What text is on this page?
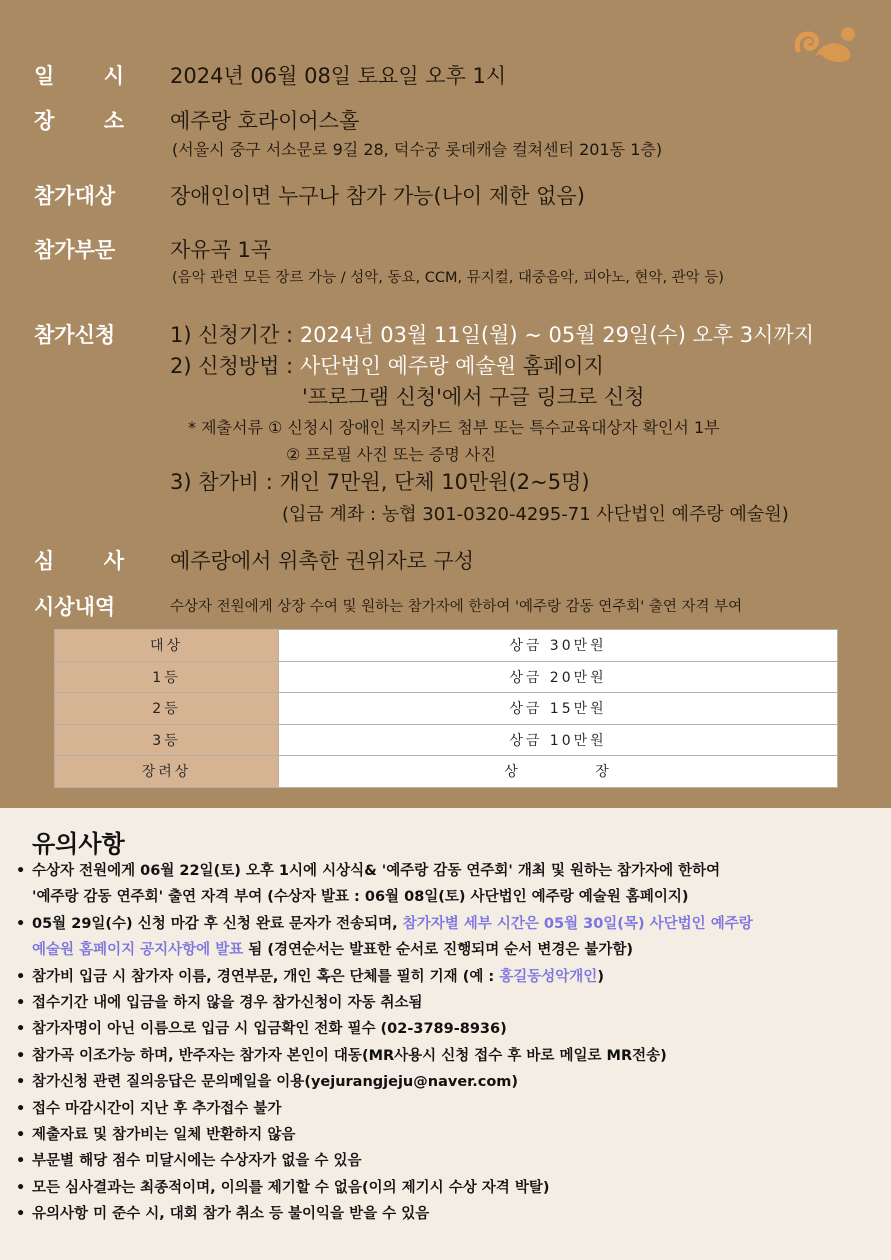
일 시 2024년 06월 08일 토요일 오후 1시
장 소 예주랑 호라이어스홀
(서울시 중구 서소문로 9길 28, 덕수궁 롯데캐슬 컬쳐센터 201동 1층)
참가대상	장애인이면 누구나 참가 가능(나이 제한 없음)
참가부문	자유곡 1곡
(음악 관련 모든 장르 가능 / 성악, 동요, CCM, 뮤지컬, 대중음악, 피아노, 현악, 관악 등)
참가신청	1) 신청기간 : 2024년 03월 11일(월) ~ 05월 29일(수) 오후 3시까지
2) 신청방법 : 사단법인 예주랑 예술원 홈페이지
'프로그램 신청'에서 구글 링크로 신청
* 제출서류 ① 신청시 장애인 복지카드 첨부 또는 특수교육대상자 확인서 1부
② 프로필 사진 또는 증명 사진
3) 참가비 : 개인 7만원, 단체 10만원(2~5명)
(입금 계좌 : 농협 301-0320-4295-71 사단법인 예주랑 예술원)
심 사 예주랑에서 위촉한 권위자로 구성
시상내역	수상자 전원에게 상장 수여 및 원하는 참가자에 한하여 '예주랑 감동 연주회' 출연 자격 부여
대상	상금 30만원
1등	상금 20만원
2등	상금 15만원
3등	상금 10만원
장려상	상          장
유의사항
• 수상자 전원에게 06월 22일(토) 오후 1시에 시상식& '예주랑 감동 연주회' 개최 및 원하는 참가자에 한하여
'예주랑 감동 연주회' 출연 자격 부여 (수상자 발표 : 06월 08일(토) 사단법인 예주랑 예술원 홈페이지)
• 05월 29일(수) 신청 마감 후 신청 완료 문자가 전송되며, 참가자별 세부 시간은 05월 30일(목) 사단법인 예주랑
예술원 홈페이지 공지사항에 발표 됨 (경연순서는 발표한 순서로 진행되며 순서 변경은 불가함)
• 참가비 입금 시 참가자 이름, 경연부문, 개인 혹은 단체를 필히 기재 (예 : 홍길동성악개인)
• 접수기간 내에 입금을 하지 않을 경우 참가신청이 자동 취소됨
• 참가자명이 아닌 이름으로 입금 시 입금확인 전화 필수 (02-3789-8936)
• 참가곡 이조가능 하며, 반주자는 참가자 본인이 대동(MR사용시 신청 접수 후 바로 메일로 MR전송)
• 참가신청 관련 질의응답은 문의메일을 이용(yejurangjeju@naver.com)
• 접수 마감시간이 지난 후 추가접수 불가
• 제출자료 및 참가비는 일체 반환하지 않음
• 부문별 해당 점수 미달시에는 수상자가 없을 수 있음
• 모든 심사결과는 최종적이며, 이의를 제기할 수 없음(이의 제기시 수상 자격 박탈)
• 유의사항 미 준수 시, 대회 참가 취소 등 불이익을 받을 수 있음
